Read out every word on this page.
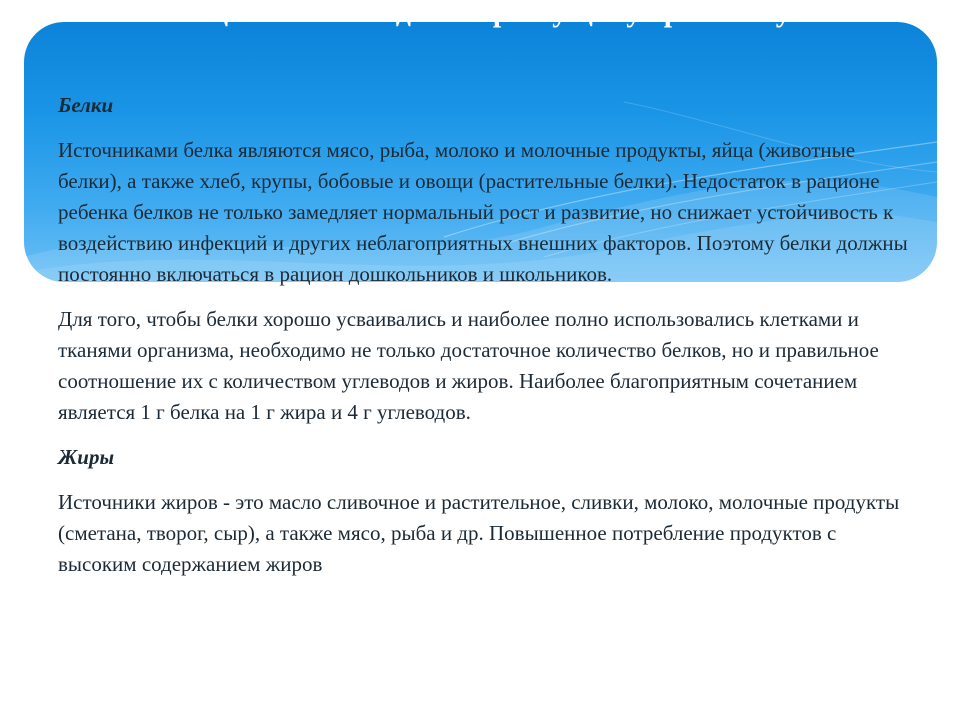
Вещества необходимые растущему организму
Белки
Источниками белка являются мясо, рыба, молоко и молочные продукты, яйца (животные белки), а также хлеб, крупы, бобовые и овощи (растительные белки). Недостаток в рационе ребенка белков не только замедляет нормальный рост и развитие, но снижает устойчивость к воздействию инфекций и других неблагоприятных внешних факторов. Поэтому белки должны постоянно включаться в рацион дошкольников и школьников.
Для того, чтобы белки хорошо усваивались и наиболее полно использовались клетками и тканями организма, необходимо не только достаточное количество белков, но и правильное соотношение их с количеством углеводов и жиров. Наиболее благоприятным сочетанием является 1 г белка на 1 г жира и 4 г углеводов.
Жиры
Источники жиров - это масло сливочное и растительное, сливки, молоко, молочные продукты (сметана, творог, сыр), а также мясо, рыба и др. Повышенное потребление продуктов с высоким содержанием жиров
